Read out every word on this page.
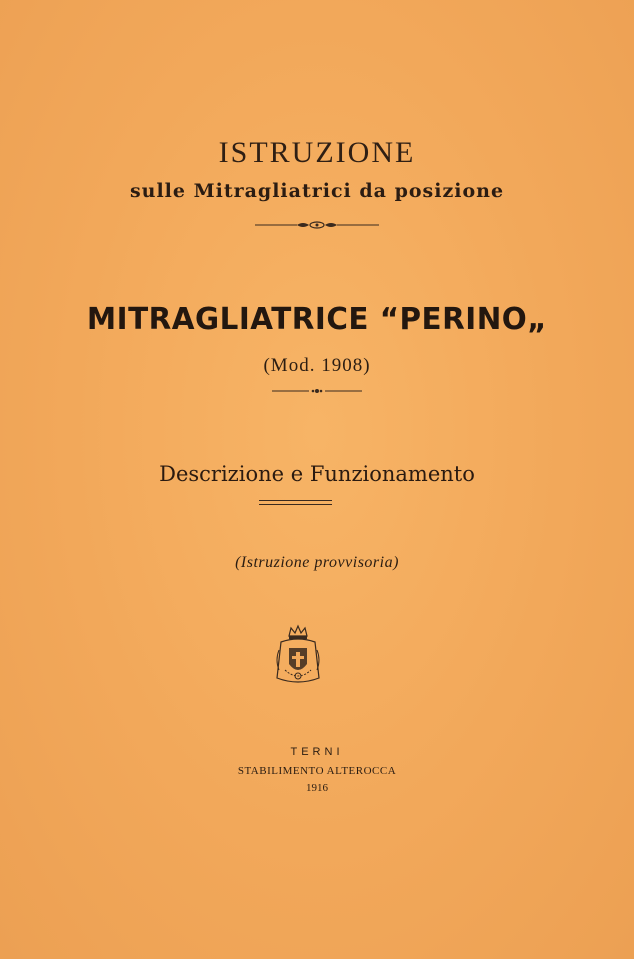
ISTRUZIONE
sulle Mitragliatrici da posizione
MITRAGLIATRICE “PERINO„
(Mod. 1908)
Descrizione e Funzionamento
(Istruzione provvisoria)
TERNI
STABILIMENTO ALTEROCCA
1916
